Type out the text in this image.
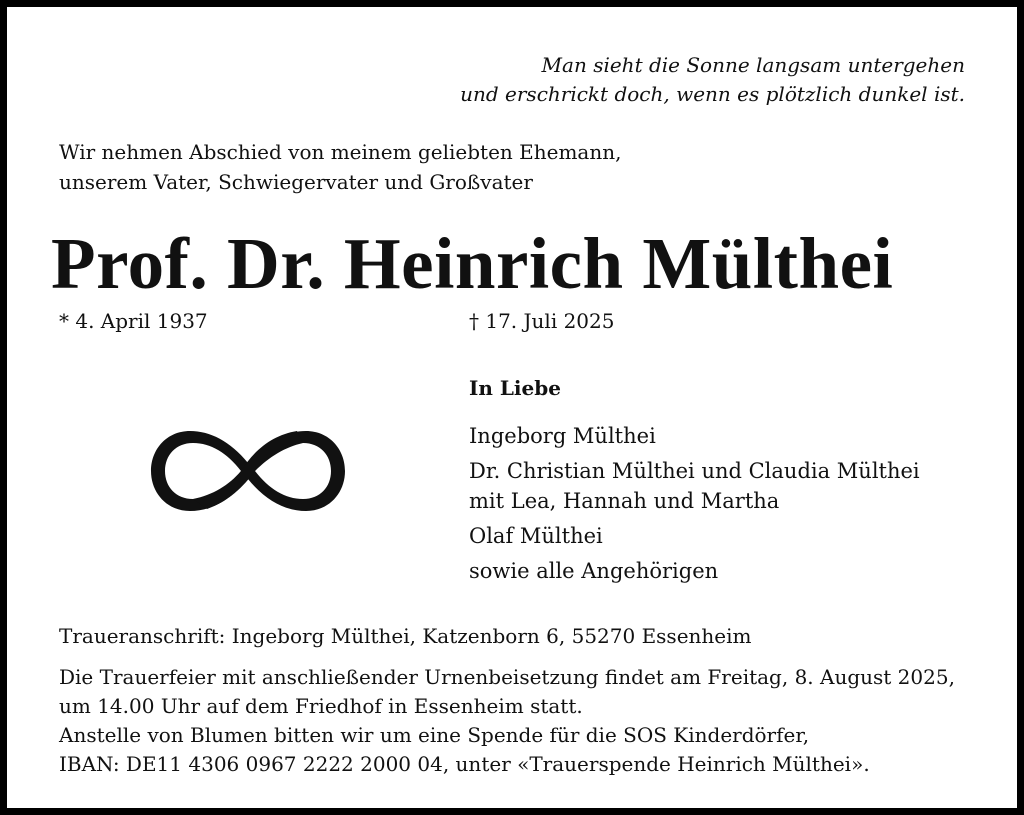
Man sieht die Sonne langsam untergehen
und erschrickt doch, wenn es plötzlich dunkel ist.
Wir nehmen Abschied von meinem geliebten Ehemann,
unserem Vater, Schwiegervater und Großvater
Prof. Dr. Heinrich Mülthei
* 4. April 1937	† 17. Juli 2025
In Liebe
Ingeborg Mülthei
Dr. Christian Mülthei und Claudia Mülthei
mit Lea, Hannah und Martha
Olaf Mülthei
sowie alle Angehörigen
Traueranschrift: Ingeborg Mülthei, Katzenborn 6, 55270 Essenheim
Die Trauerfeier mit anschließender Urnenbeisetzung findet am Freitag, 8. August 2025,
um 14.00 Uhr auf dem Friedhof in Essenheim statt.
Anstelle von Blumen bitten wir um eine Spende für die SOS Kinderdörfer,
IBAN: DE11 4306 0967 2222 2000 04, unter «Trauerspende Heinrich Mülthei».
